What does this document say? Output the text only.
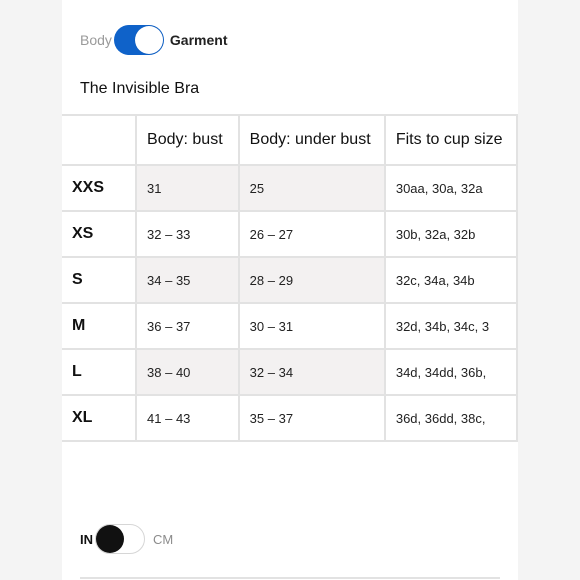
Body	Garment
The Invisible Bra
	Body: bust	Body: under bust	Fits to cup size
XXS	31	25	30aa, 30a, 32a
XS	32 – 33	26 – 27	30b, 32a, 32b
S	34 – 35	28 – 29	32c, 34a, 34b
M	36 – 37	30 – 31	32d, 34b, 34c, 3
L	38 – 40	32 – 34	34d, 34dd, 36b,
XL	41 – 43	35 – 37	36d, 36dd, 38c,
IN	CM
